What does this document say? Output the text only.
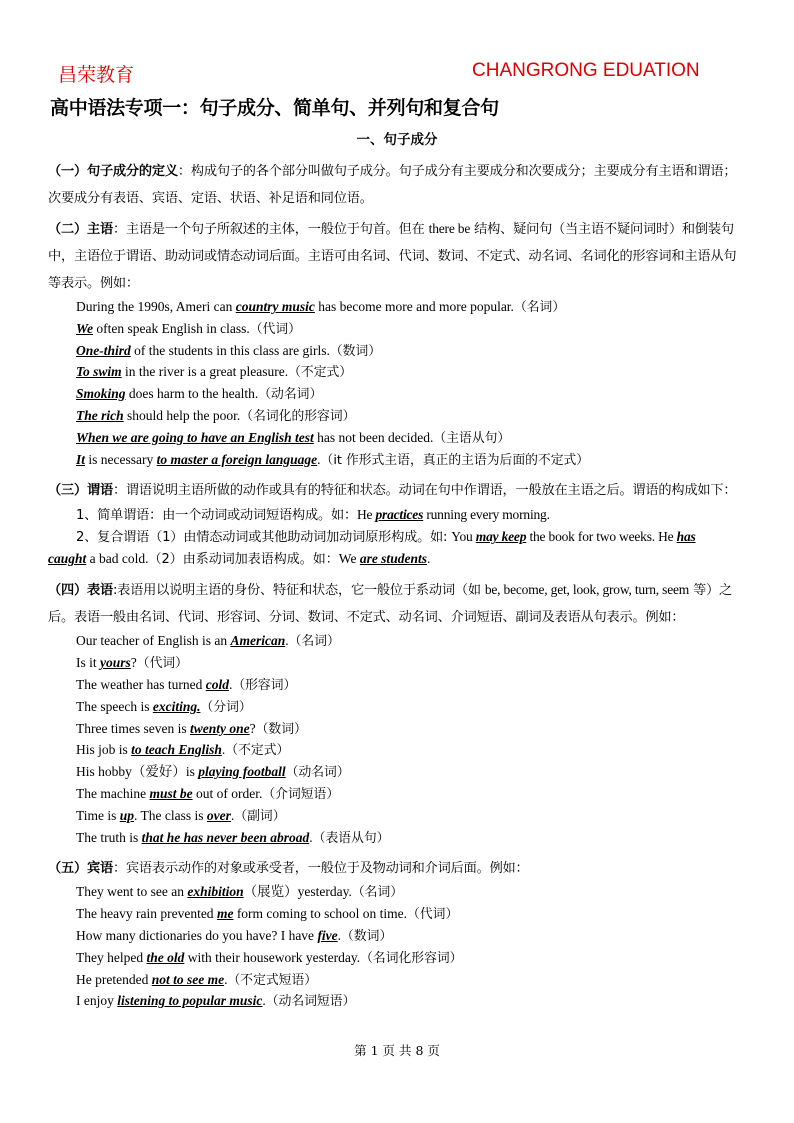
昌荣教育	CHANGRONG EDUATION
高中语法专项一：句子成分、简单句、并列句和复合句
一、句子成分

（一）句子成分的定义：构成句子的各个部分叫做句子成分。句子成分有主要成分和次要成分；主要成分有主语和谓语；次要成分有表语、宾语、定语、状语、补足语和同位语。

（二）主语：主语是一个句子所叙述的主体，一般位于句首。但在 there be 结构、疑问句（当主语不疑问词时）和倒装句中，主语位于谓语、助动词或情态动词后面。主语可由名词、代词、数词、不定式、动名词、名词化的形容词和主语从句等表示。例如：

During the 1990s, Ameri can country music has become more and more popular.（名词）
We often speak English in class.（代词）
One-third of the students in this class are girls.（数词）
To swim in the river is a great pleasure.（不定式）
Smoking does harm to the health.（动名词）
The rich should help the poor.（名词化的形容词）
When we are going to have an English test has not been decided.（主语从句）
It is necessary to master a foreign language.（it 作形式主语，真正的主语为后面的不定式）

（三）谓语：谓语说明主语所做的动作或具有的特征和状态。动词在句中作谓语，一般放在主语之后。谓语的构成如下：

1、简单谓语：由一个动词或动词短语构成。如：He practices running every morning.
2、复合谓语（1）由情态动词或其他助动词加动词原形构成。如: You may keep the book for two weeks. He has
caught a bad cold.（2）由系动词加表语构成。如：We are students.

（四）表语:表语用以说明主语的身份、特征和状态，它一般位于系动词（如 be, become, get, look, grow, turn, seem 等）之后。表语一般由名词、代词、形容词、分词、数词、不定式、动名词、介词短语、副词及表语从句表示。例如：

Our teacher of English is an American.（名词）
Is it yours?（代词）
The weather has turned cold.（形容词）
The speech is exciting.（分词）
Three times seven is twenty one?（数词）
His job is to teach English.（不定式）
His hobby（爱好）is playing football（动名词）
The machine must be out of order.（介词短语）
Time is up. The class is over.（副词）
The truth is that he has never been abroad.（表语从句）

（五）宾语：宾语表示动作的对象或承受者，一般位于及物动词和介词后面。例如：

They went to see an exhibition（展览）yesterday.（名词）
The heavy rain prevented me form coming to school on time.（代词）
How many dictionaries do you have? I have five.（数词）
They helped the old with their housework yesterday.（名词化形容词）
He pretended not to see me.（不定式短语）
I enjoy listening to popular music.（动名词短语）
第 1 页 共 8 页
